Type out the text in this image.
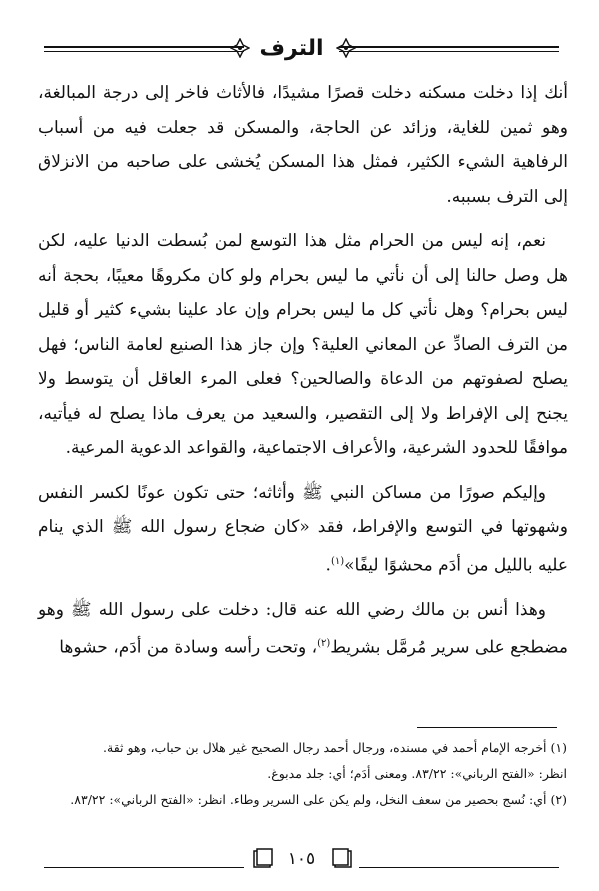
الترف

أنك إذا دخلت مسكنه دخلت قصرًا مشيدًا، فالأثاث فاخر إلى درجة المبالغة، وهو ثمين للغاية، وزائد عن الحاجة، والمسكن قد جعلت فيه من أسباب الرفاهية الشيء الكثير، فمثل هذا المسكن يُخشى على صاحبه من الانزلاق إلى الترف بسببه.

نعم، إنه ليس من الحرام مثل هذا التوسع لمن بُسطت الدنيا عليه، لكن هل وصل حالنا إلى أن نأتي ما ليس بحرام ولو كان مكروهًا معيبًا، بحجة أنه ليس بحرام؟ وهل نأتي كل ما ليس بحرام وإن عاد علينا بشيء كثير أو قليل من الترف الصادِّ عن المعاني العلية؟ وإن جاز هذا الصنيع لعامة الناس؛ فهل يصلح لصفوتهم من الدعاة والصالحين؟ فعلى المرء العاقل أن يتوسط ولا يجنح إلى الإفراط ولا إلى التقصير، والسعيد من يعرف ماذا يصلح له فيأتيه، موافقًا للحدود الشرعية، والأعراف الاجتماعية، والقواعد الدعوية المرعية.

وإليكم صورًا من مساكن النبي ﷺ وأثاثه؛ حتى تكون عونًا لكسر النفس وشهوتها في التوسع والإفراط، فقد «كان ضجاع رسول الله ﷺ الذي ينام عليه بالليل من أدَم محشوًا ليفًا»$^{(١)}$.

وهذا أنس بن مالك رضي الله عنه قال: دخلت على رسول الله ﷺ وهو مضطجع على سرير مُرمَّل بشريط$^{(٢)}$، وتحت رأسه وسادة من أدَم، حشوها

(١) أخرجه الإمام أحمد في مسنده، ورجال أحمد رجال الصحيح غير هلال بن حباب، وهو ثقة.

انظر: «الفتح الرباني»: ٨٣/٢٢. ومعنى أدَم؛ أي: جلد مدبوغ.

(٢) أي: نُسج بحصير من سعف النخل، ولم يكن على السرير وطاء. انظر: «الفتح الرباني»: ٨٣/٢٢.

١٠٥
